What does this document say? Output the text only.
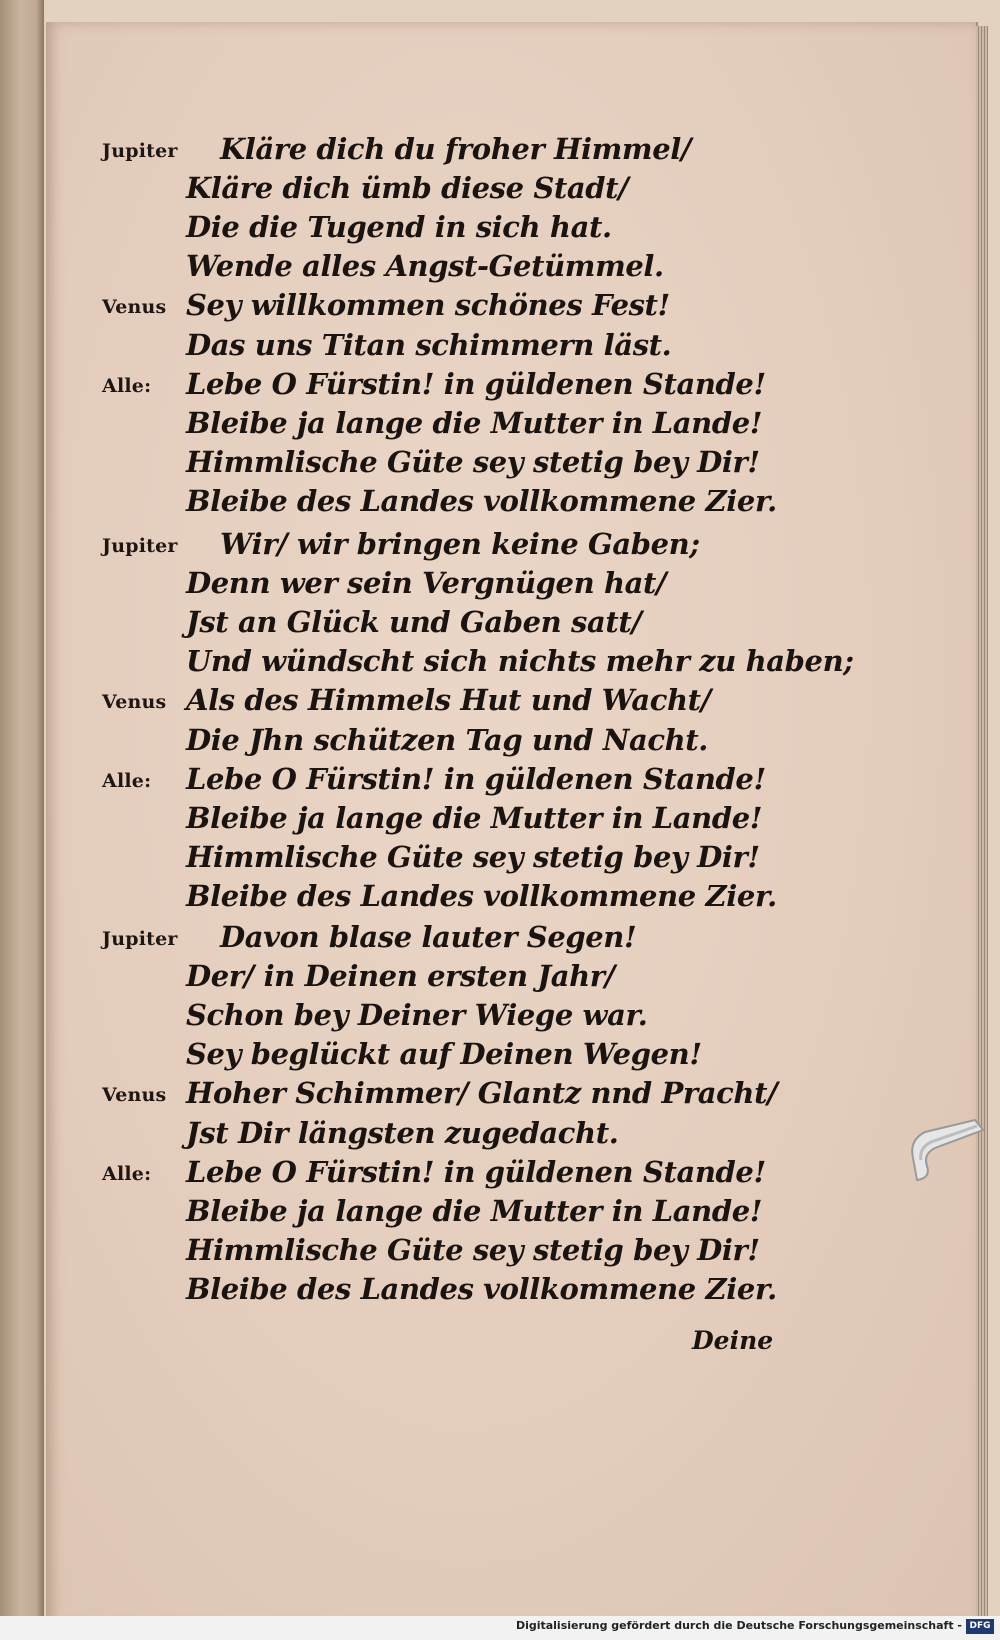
Jupiter Kläre dich du froher Himmel/
Kläre dich ümb diese Stadt/
Die die Tugend in sich hat.
Wende alles Angst-Getümmel.
Venus Sey willkommen schönes Fest!
Das uns Titan schimmern läst.
Alle: Lebe O Fürstin! in güldenen Stande!
Bleibe ja lange die Mutter in Lande!
Himmlische Güte sey stetig bey Dir!
Bleibe des Landes vollkommene Zier.
Jupiter Wir/ wir bringen keine Gaben;
Denn wer sein Vergnügen hat/
Jst an Glück und Gaben satt/
Und wündscht sich nichts mehr zu haben;
Venus Als des Himmels Hut und Wacht/
Die Jhn schützen Tag und Nacht.
Alle: Lebe O Fürstin! in güldenen Stande!
Bleibe ja lange die Mutter in Lande!
Himmlische Güte sey stetig bey Dir!
Bleibe des Landes vollkommene Zier.
Jupiter Davon blase lauter Segen!
Der/ in Deinen ersten Jahr/
Schon bey Deiner Wiege war.
Sey beglückt auf Deinen Wegen!
Venus Hoher Schimmer/ Glantz nnd Pracht/
Jst Dir längsten zugedacht.
Alle: Lebe O Fürstin! in güldenen Stande!
Bleibe ja lange die Mutter in Lande!
Himmlische Güte sey stetig bey Dir!
Bleibe des Landes vollkommene Zier.
Deine
Digitalisierung gefördert durch die Deutsche Forschungsgemeinschaft - DFG
